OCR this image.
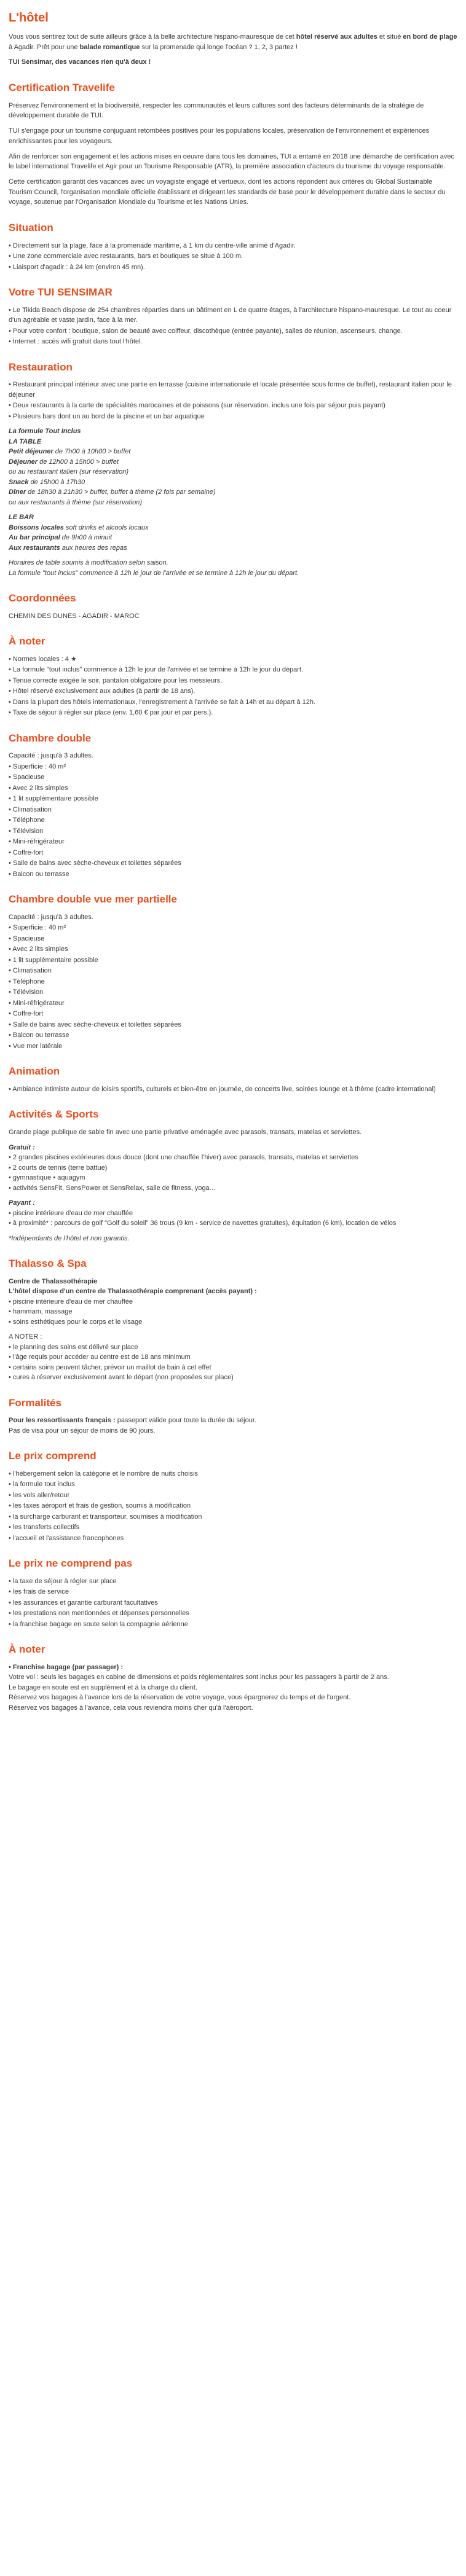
L'hôtel

Vous vous sentirez tout de suite ailleurs grâce à la belle architecture hispano-mauresque de cet hôtel réservé aux adultes et situé en bord de plage à Agadir. Prêt pour une balade romantique sur la promenade qui longe l'océan ? 1, 2, 3 partez !

TUI Sensimar, des vacances rien qu'à deux !

Certification Travelife

Préservez l'environnement et la biodiversité, respecter les communautés et leurs cultures sont des facteurs déterminants de la stratégie de développement durable de TUI.

TUI s'engage pour un tourisme conjuguant retombées positives pour les populations locales, préservation de l'environnement et expériences enrichissantes pour les voyageurs.

Afin de renforcer son engagement et les actions mises en oeuvre dans tous les domaines, TUI a entamé en 2018 une démarche de certification avec le label international Travelife et Agir pour un Tourisme Responsable (ATR), la première association d'acteurs du tourisme du voyage responsable.

Cette certification garantit des vacances avec un voyagiste engagé et vertueux, dont les actions répondent aux critères du Global Sustainable Tourism Council, l'organisation mondiale officielle établissant et dirigeant les standards de base pour le développement durable dans le secteur du voyage, soutenue par l'Organisation Mondiale du Tourisme et les Nations Unies.

Situation
• Directement sur la plage, face à la promenade maritime, à 1 km du centre-ville animé d'Agadir.
• Une zone commerciale avec restaurants, bars et boutiques se situe à 100 m.
• Liaisport d'agadir : à 24 km (environ 45 mn).
Votre TUI SENSIMAR
• Le Tikida Beach dispose de 254 chambres réparties dans un bâtiment en L de quatre étages, à l'architecture hispano-mauresque. Le tout au coeur d'un agréable et vaste jardin, face à la mer.
• Pour votre confort : boutique, salon de beauté avec coiffeur, discothèque (entrée payante), salles de réunion, ascenseurs, change.
• Internet : accès wifi gratuit dans tout l'hôtel.
Restauration
• Restaurant principal intérieur avec une partie en terrasse (cuisine internationale et locale présentée sous forme de buffet), restaurant italien pour le déjeuner
• Deux restaurants à la carte de spécialités marocaines et de poissons (sur réservation, inclus une fois par séjour puis payant)
• Plusieurs bars dont un au bord de la piscine et un bar aquatique

La formule Tout Inclus

LA TABLE

Petit déjeuner de 7h00 à 10h00 > buffet

Déjeuner de 12h00 à 15h00 > buffet

ou au restaurant italien (sur réservation)

Snack de 15h00 à 17h30

Dîner de 18h30 à 21h30 > buffet, buffet à thème (2 fois par semaine)

ou aux restaurants à thème (sur réservation)

LE BAR

Boissons locales soft drinks et alcools locaux

Au bar principal de 9h00 à minuit

Aux restaurants aux heures des repas

Horaires de table soumis à modification selon saison.

La formule "tout inclus" commence à 12h le jour de l'arrivée et se termine à 12h le jour du départ.

Coordonnées

CHEMIN DES DUNES - AGADIR - MAROC

À noter
• Normes locales : 4 ★
• La formule "tout inclus" commence à 12h le jour de l'arrivée et se termine à 12h le jour du départ.
• Tenue correcte exigée le soir, pantalon obligatoire pour les messieurs.
• Hôtel réservé exclusivement aux adultes (à partir de 18 ans).
• Dans la plupart des hôtels internationaux, l'enregistrement à l'arrivée se fait à 14h et au départ à 12h.
• Taxe de séjour à régler sur place (env. 1,60 € par jour et par pers.).
Chambre double
Capacité : jusqu'à 3 adultes.
• Superficie : 40 m²
• Spacieuse
• Avec 2 lits simples
• 1 lit supplémentaire possible
• Climatisation
• Téléphone
• Télévision
• Mini-réfrigérateur
• Coffre-fort
• Salle de bains avec sèche-cheveux et toilettes séparées
• Balcon ou terrasse
Chambre double vue mer partielle
Capacité : jusqu'à 3 adultes.
• Superficie : 40 m²
• Spacieuse
• Avec 2 lits simples
• 1 lit supplémentaire possible
• Climatisation
• Téléphone
• Télévision
• Mini-réfrigérateur
• Coffre-fort
• Salle de bains avec sèche-cheveux et toilettes séparées
• Balcon ou terrasse
• Vue mer latérale
Animation
• Ambiance intimiste autour de loisirs sportifs, culturels et bien-être en journée, de concerts live, soirées lounge et à thème (cadre international)
Activités & Sports

Grande plage publique de sable fin avec une partie privative aménagée avec parasols, transats, matelas et serviettes.

Gratuit :

• 2 grandes piscines extérieures dous douce (dont une chauffée l'hiver) avec parasols, transats, matelas et serviettes

• 2 courts de tennis (terre battue)

• gymnastique • aquagym

• activités SensFit, SensPower et SensRelax, salle de fitness, yoga...

Payant :

• piscine intérieure d'eau de mer chauffée

• à proximité* : parcours de golf "Golf du soleil" 36 trous (9 km - service de navettes gratuites), équitation (6 km), location de vélos

*Indépendants de l'hôtel et non garantis.

Thalasso & Spa

Centre de Thalassothérapie

L'hôtel dispose d'un centre de Thalassothérapie comprenant (accès payant) :

• piscine intérieure d'eau de mer chauffée

• hammam, massage

• soins esthétiques pour le corps et le visage

A NOTER :

• le planning des soins est délivré sur place

• l'âge requis pour accéder au centre est de 18 ans minimum

• certains soins peuvent tâcher, prévoir un maillot de bain à cet effet

• cures à réserver exclusivement avant le départ (non proposées sur place)

Formalités

Pour les ressortissants français : passeport valide pour toute la durée du séjour.

Pas de visa pour un séjour de moins de 90 jours.

Le prix comprend
• l'hébergement selon la catégorie et le nombre de nuits choisis
• la formule tout inclus
• les vols aller/retour
• les taxes aéroport et frais de gestion, soumis à modification
• la surcharge carburant et transporteur, soumises à modification
• les transferts collectifs
• l'accueil et l'assistance francophones
Le prix ne comprend pas
• la taxe de séjour à régler sur place
• les frais de service
• les assurances et garantie carburant facultatives
• les prestations non mentionnées et dépenses personnelles
• la franchise bagage en soute selon la compagnie aérienne
À noter

• Franchise bagage (par passager) :

Votre vol : seuls les bagages en cabine de dimensions et poids réglementaires sont inclus pour les passagers à partir de 2 ans.

Le bagage en soute est en supplément et à la charge du client.

Réservez vos bagages à l'avance lors de la réservation de votre voyage, vous épargnerez du temps et de l'argent.

Réservez vos bagages à l'avance, cela vous reviendra moins cher qu'à l'aéroport.
